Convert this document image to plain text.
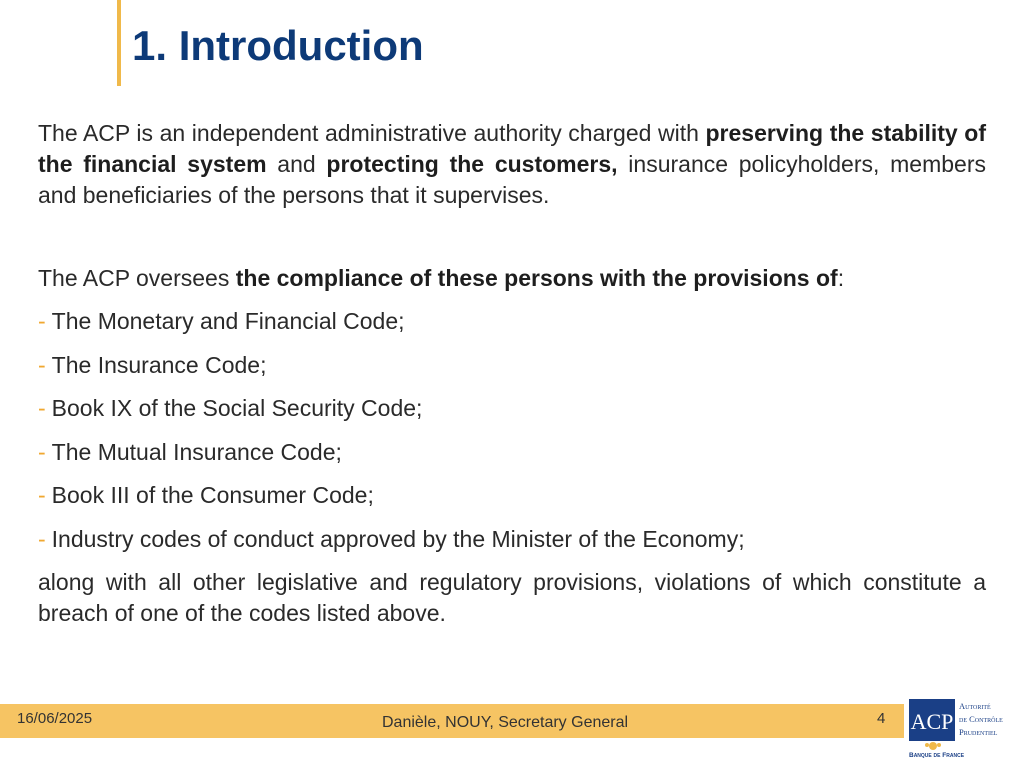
1. Introduction

The ACP is an independent administrative authority charged with preserving the stability of the financial system and protecting the customers, insurance policyholders, members and beneficiaries of the persons that it supervises.

The ACP oversees the compliance of these persons with the provisions of:

- The Monetary and Financial Code;
- The Insurance Code;
- Book IX of the Social Security Code;
- The Mutual Insurance Code;
- Book III of the Consumer Code;
- Industry codes of conduct approved by the Minister of the Economy;

along with all other legislative and regulatory provisions, violations of which constitute a breach of one of the codes listed above.

16/06/2025	Danièle, NOUY, Secretary General	4 ACP
Autorité
de Contrôle
Prudentiel
Banque de France
